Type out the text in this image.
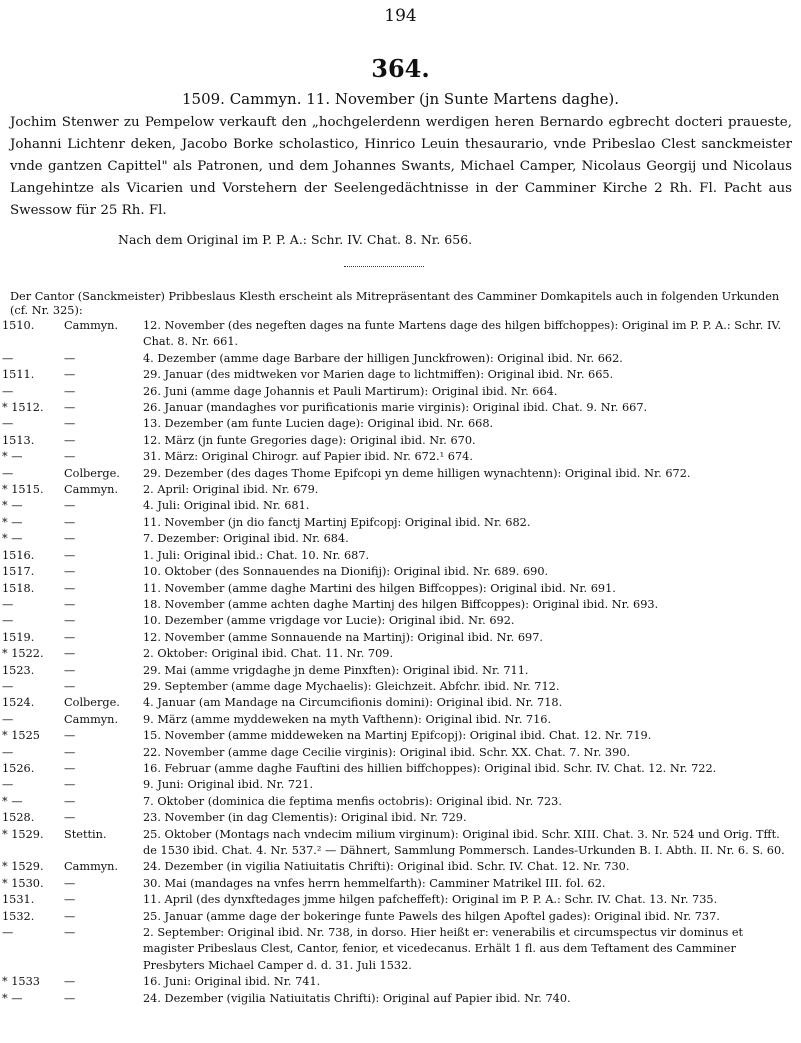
194
364.
1509. Cammyn. 11. November (jn Sunte Martens daghe).
Jochim Stenwer zu Pempelow verkauft den „hochgelerdenn werdigen heren Bernardo egbrecht docteri praueste, Johanni Lichtenr deken, Jacobo Borke scholastico, Hinrico Leuin thesaurario, vnde Pribeslao Clest sanckmeister vnde gantzen Capittel" als Patronen, und dem Johannes Swants, Michael Camper, Nicolaus Georgij und Nicolaus Langehintze als Vicarien und Vorstehern der Seelengedächtnisse in der Camminer Kirche 2 Rh. Fl. Pacht aus Swessow für 25 Rh. Fl.
Nach dem Original im P. P. A.: Schr. IV. Chat. 8. Nr. 656.
Der Cantor (Sanckmeister) Pribbeslaus Klesth erscheint als Mitrepräsentant des Camminer Domkapitels auch in folgenden Urkunden (cf. Nr. 325):
1510.	Cammyn.	12. November (des negeften dages na funte Martens dage des hilgen biffchoppes): Original im P. P. A.: Schr. IV. Chat. 8. Nr. 661.
—	—	4. Dezember (amme dage Barbare der hilligen Junckfrowen): Original ibid. Nr. 662.
1511.	—	29. Januar (des midtweken vor Marien dage to lichtmiffen): Original ibid. Nr. 665.
—	—	26. Juni (amme dage Johannis et Pauli Martirum): Original ibid. Nr. 664.
* 1512.	—	26. Januar (mandaghes vor purificationis marie virginis): Original ibid. Chat. 9. Nr. 667.
—	—	13. Dezember (am funte Lucien dage): Original ibid. Nr. 668.
1513.	—	12. März (jn funte Gregories dage): Original ibid. Nr. 670.
* —	—	31. März: Original Chirogr. auf Papier ibid. Nr. 672.¹ 674.
—	Colberge.	29. Dezember (des dages Thome Epifcopi yn deme hilligen wynachtenn): Original ibid. Nr. 672.
* 1515.	Cammyn.	2. April: Original ibid. Nr. 679.
* —	—	4. Juli: Original ibid. Nr. 681.
* —	—	11. November (jn dio fanctj Martinj Epifcopj: Original ibid. Nr. 682.
* —	—	7. Dezember: Original ibid. Nr. 684.
1516.	—	1. Juli: Original ibid.: Chat. 10. Nr. 687.
1517.	—	10. Oktober (des Sonnauendes na Dionifij): Original ibid. Nr. 689. 690.
1518.	—	11. November (amme daghe Martini des hilgen Biffcoppes): Original ibid. Nr. 691.
—	—	18. November (amme achten daghe Martinj des hilgen Biffcoppes): Original ibid. Nr. 693.
—	—	10. Dezember (amme vrigdage vor Lucie): Original ibid. Nr. 692.
1519.	—	12. November (amme Sonnauende na Martinj): Original ibid. Nr. 697.
* 1522.	—	2. Oktober: Original ibid. Chat. 11. Nr. 709.
1523.	—	29. Mai (amme vrigdaghe jn deme Pinxften): Original ibid. Nr. 711.
—	—	29. September (amme dage Mychaelis): Gleichzeit. Abfchr. ibid. Nr. 712.
1524.	Colberge.	4. Januar (am Mandage na Circumcifionis domini): Original ibid. Nr. 718.
—	Cammyn.	9. März (amme myddeweken na myth Vafthenn): Original ibid. Nr. 716.
* 1525	—	15. November (amme middeweken na Martinj Epifcopj): Original ibid. Chat. 12. Nr. 719.
—	—	22. November (amme dage Cecilie virginis): Original ibid. Schr. XX. Chat. 7. Nr. 390.
1526.	—	16. Februar (amme daghe Fauftini des hillien biffchoppes): Original ibid. Schr. IV. Chat. 12. Nr. 722.
—	—	9. Juni: Original ibid. Nr. 721.
* —	—	7. Oktober (dominica die feptima menfis octobris): Original ibid. Nr. 723.
1528.	—	23. November (in dag Clementis): Original ibid. Nr. 729.
* 1529.	Stettin.	25. Oktober (Montags nach vndecim milium virginum): Original ibid. Schr. XIII. Chat. 3. Nr. 524 und Orig. Tfft. de 1530 ibid. Chat. 4. Nr. 537.² — Dähnert, Sammlung Pommersch. Landes-Urkunden B. I. Abth. II. Nr. 6. S. 60.
* 1529.	Cammyn.	24. Dezember (in vigilia Natiuitatis Chrifti): Original ibid. Schr. IV. Chat. 12. Nr. 730.
* 1530.	—	30. Mai (mandages na vnfes herrn hemmelfarth): Camminer Matrikel III. fol. 62.
1531.	—	11. April (des dynxftedages jmme hilgen pafcheffeft): Original im P. P. A.: Schr. IV. Chat. 13. Nr. 735.
1532.	—	25. Januar (amme dage der bokeringe funte Pawels des hilgen Apoftel gades): Original ibid. Nr. 737.
—	—	2. September: Original ibid. Nr. 738, in dorso. Hier heißt er: venerabilis et circumspectus vir dominus et magister Pribeslaus Clest, Cantor, fenior, et vicedecanus. Erhält 1 fl. aus dem Teftament des Camminer Presbyters Michael Camper d. d. 31. Juli 1532.
* 1533	—	16. Juni: Original ibid. Nr. 741.
* —	—	24. Dezember (vigilia Natiuitatis Chrifti): Original auf Papier ibid. Nr. 740.
